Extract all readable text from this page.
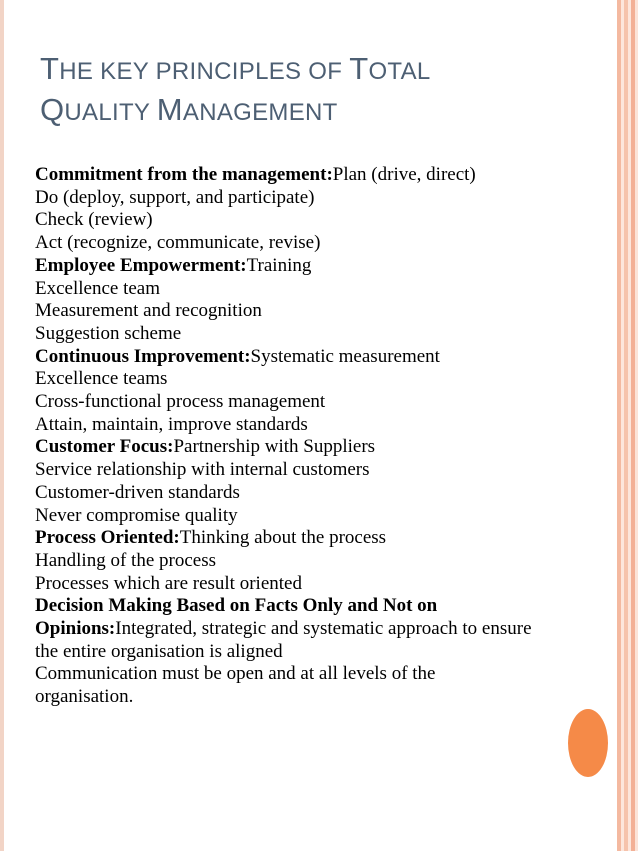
THE KEY PRINCIPLES OF TOTAL
QUALITY MANAGEMENT
Commitment from the management:Plan (drive, direct)
Do (deploy, support, and participate)
Check (review)
Act (recognize, communicate, revise)
Employee Empowerment:Training
Excellence team
Measurement and recognition
Suggestion scheme
Continuous Improvement:Systematic measurement
Excellence teams
Cross-functional process management
Attain, maintain, improve standards
Customer Focus:Partnership with Suppliers
Service relationship with internal customers
Customer-driven standards
Never compromise quality
Process Oriented:Thinking about the process
Handling of the process
Processes which are result oriented
Decision Making Based on Facts Only and Not on
Opinions:Integrated, strategic and systematic approach to ensure the entire organisation is aligned
Communication must be open and at all levels of the organisation.
